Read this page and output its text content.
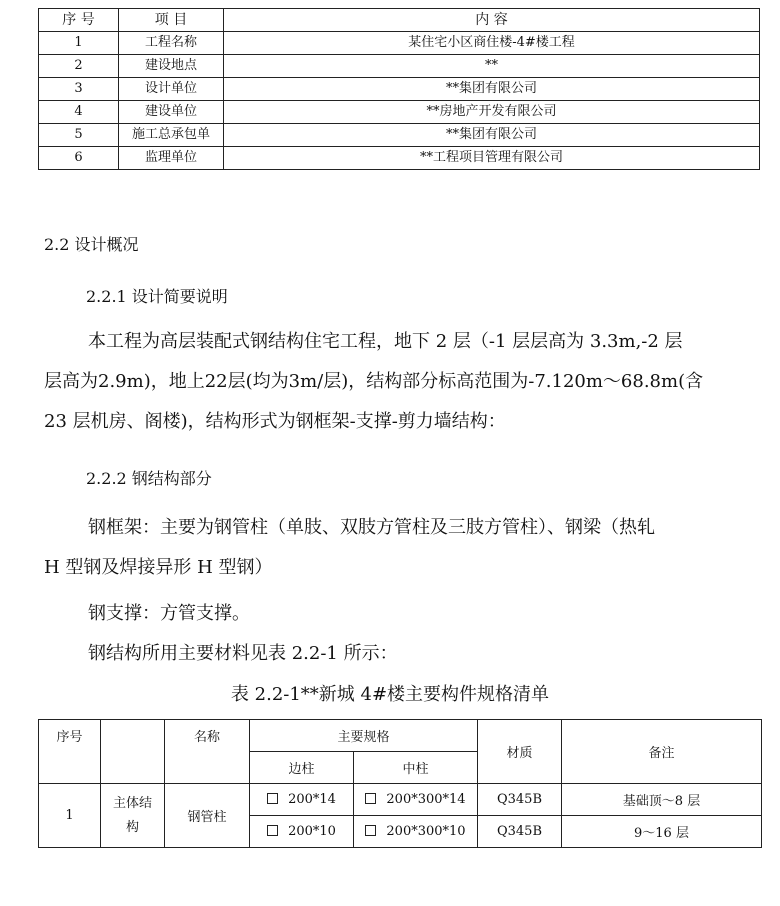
序 号	项 目	内 容
1	工程名称	某住宅小区商住楼-4#楼工程
2	建设地点	**
3	设计单位	**集团有限公司
4	建设单位	**房地产开发有限公司
5	施工总承包单	**集团有限公司
6	监理单位	**工程项目管理有限公司
2.2 设计概况
2.2.1 设计简要说明
本工程为高层装配式钢结构住宅工程，地下 2 层（-1 层层高为 3.3m,-2 层
层高为2.9m)，地上22层(均为3m/层)，结构部分标高范围为-7.120m～68.8m(含
23 层机房、阁楼)，结构形式为钢框架-支撑-剪力墙结构：
2.2.2 钢结构部分
钢框架：主要为钢管柱（单肢、双肢方管柱及三肢方管柱）、钢梁（热轧
H 型钢及焊接异形 H 型钢）
钢支撑：方管支撑。
钢结构所用主要材料见表 2.2-1 所示：
表 2.2-1**新城 4#楼主要构件规格清单
序号		名称	主要规格		材质	备注
			边柱	中柱		
1	主体结构	钢管柱	200*14	200*300*14	Q345B	基础顶～8 层
			200*10	200*300*10	Q345B	9～16 层
